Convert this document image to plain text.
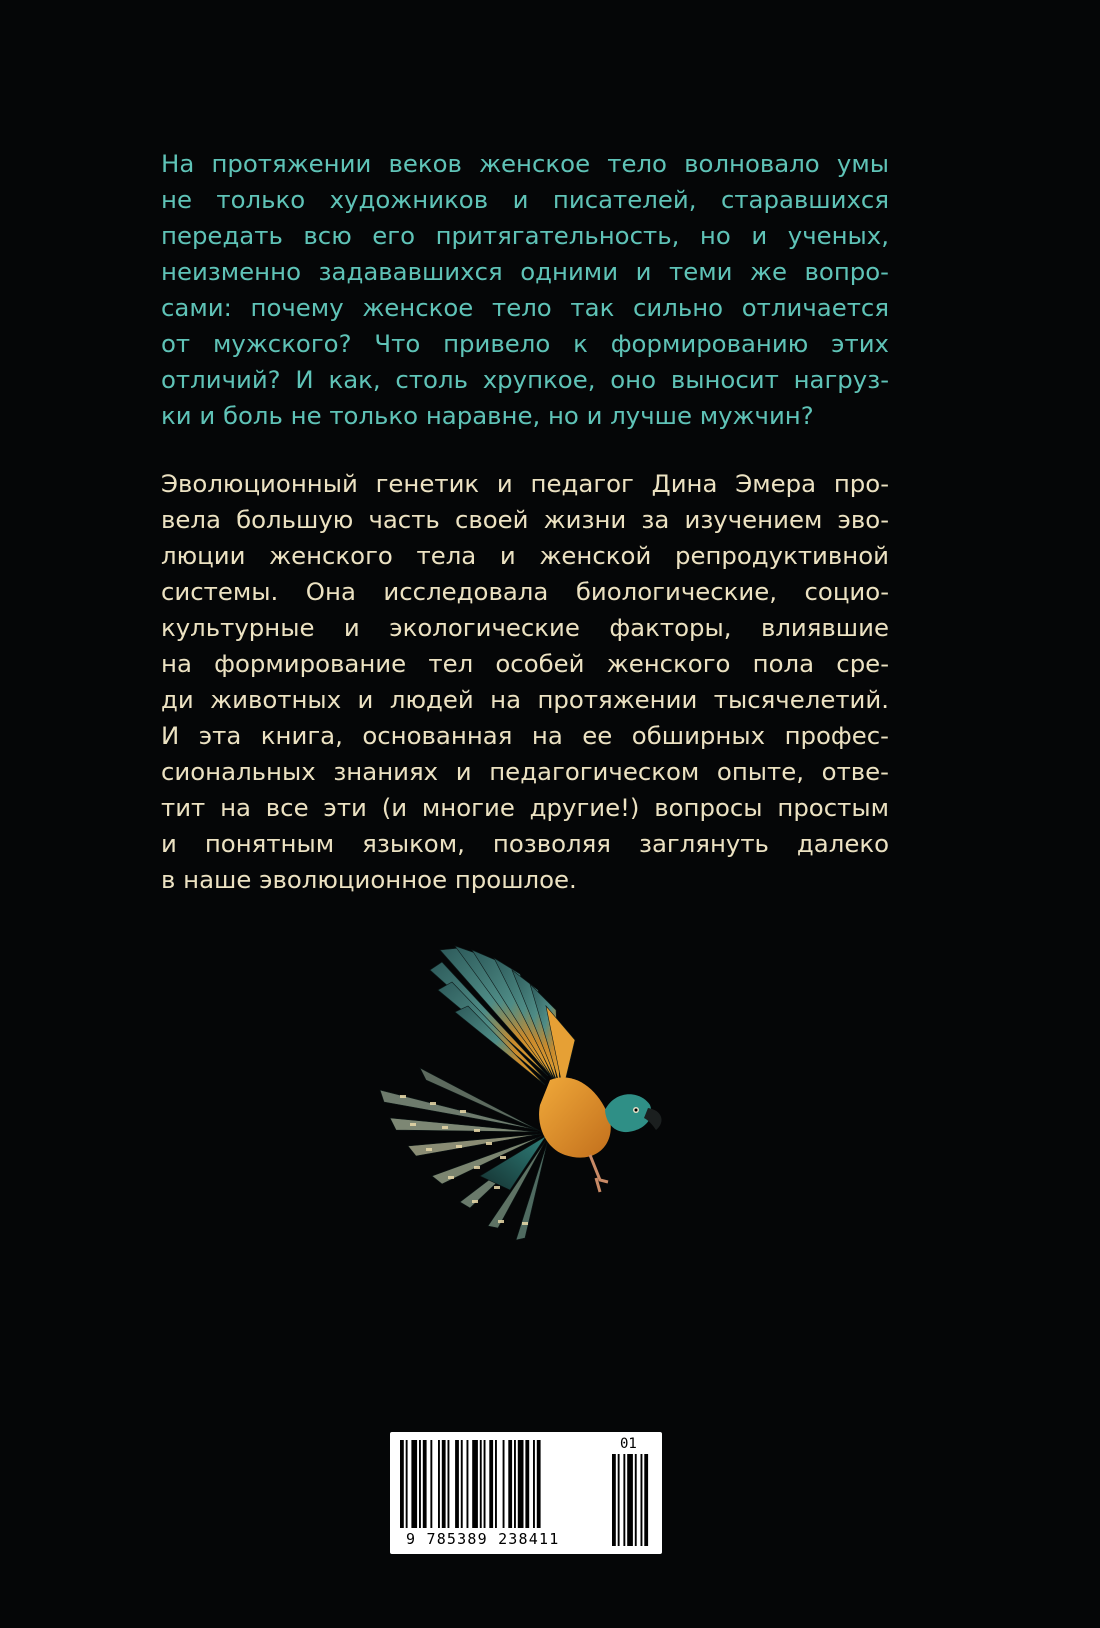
На протяжении веков женское тело волновало умы
не только художников и писателей, старавшихся
передать всю его притягательность, но и ученых,
неизменно задававшихся одними и теми же вопро-
сами: почему женское тело так сильно отличается
от мужского? Что привело к формированию этих
отличий? И как, столь хрупкое, оно выносит нагруз-
ки и боль не только наравне, но и лучше мужчин?
Эволюционный генетик и педагог Дина Эмера про-
вела большую часть своей жизни за изучением эво-
люции женского тела и женской репродуктивной
системы. Она исследовала биологические, социо-
культурные и экологические факторы, влиявшие
на формирование тел особей женского пола сре-
ди животных и людей на протяжении тысячелетий.
И эта книга, основанная на ее обширных профес-
сиональных знаниях и педагогическом опыте, отве-
тит на все эти (и многие другие!) вопросы простым
и понятным языком, позволяя заглянуть далеко
в наше эволюционное прошлое.
9 785389 238411
01
